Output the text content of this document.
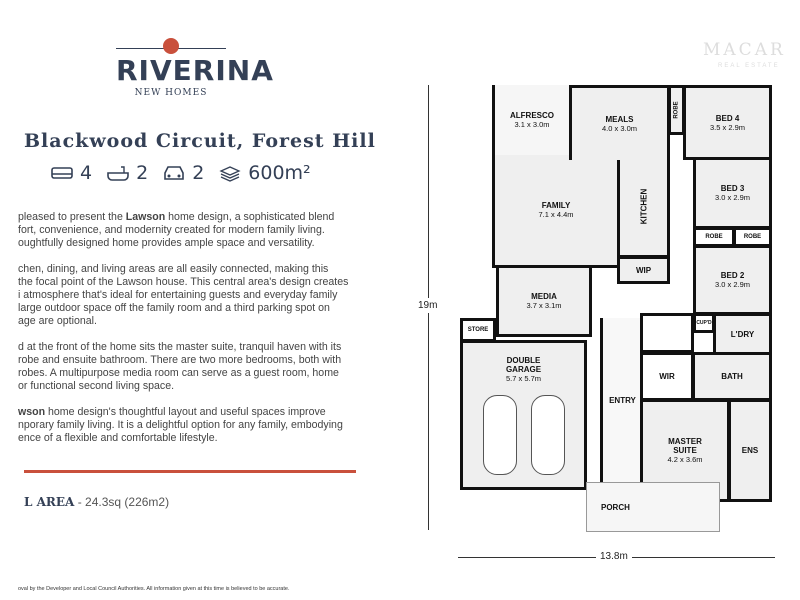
RIVERINA
NEW HOMES
MACAR
REAL ESTATE
Blackwood Circuit, Forest Hill
4 2 2 600m²

pleased to present the Lawson home design, a sophisticated blend
fort, convenience, and modernity created for modern family living.
oughtfully designed home provides ample space and versatility.

chen, dining, and living areas are all easily connected, making this
the focal point of the Lawson house. This central area's design creates
i atmosphere that's ideal for entertaining guests and everyday family
large outdoor space off the family room and a third parking spot on
age are optional.

d at the front of the home sits the master suite, tranquil haven with its
robe and ensuite bathroom. There are two more bedrooms, both with
robes. A multipurpose media room can serve as a guest room, home
or functional second living space.

wson home design's thoughtful layout and useful spaces improve
nporary family living. It is a delightful option for any family, embodying
ence of a flexible and comfortable lifestyle.

L AREA - 24.3sq (226m2)
oval by the Developer and Local Council Authorities. All information given at this time is believed to be accurate.
19m
13.8m
FAMILY
7.1 x 4.4m
ALFRESCO
3.1 x 3.0m
MEALS
4.0 x 3.0m
KITCHEN
WIP
ROBE	BED 4
3.5 x 2.9m
BED 3
3.0 x 2.9m
ROBE
ROBE
BED 2
3.0 x 2.9m
MEDIA
3.7 x 3.1m
STORE
DOUBLE GARAGE
5.7 x 5.7m
ENTRY
CUP'D
L'DRY
WIR	BATH
MASTER SUITE
4.2 x 3.6m
ENS
PORCH
